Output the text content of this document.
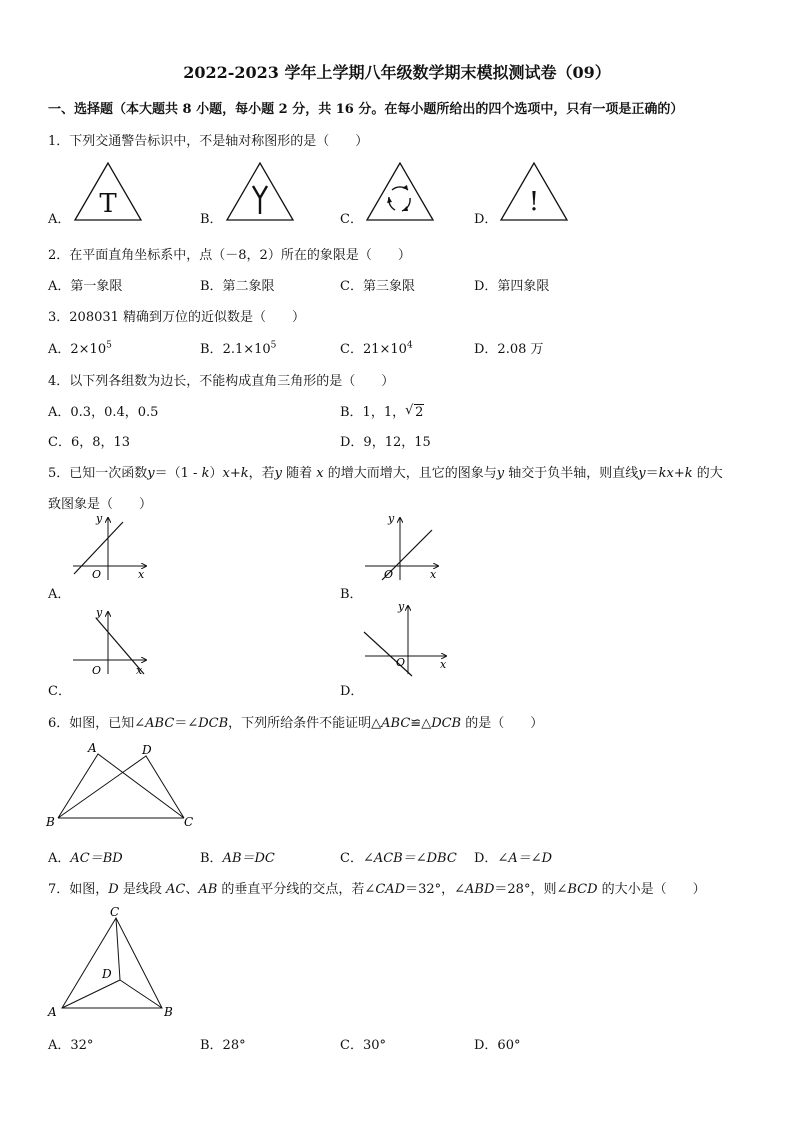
2022-2023 学年上学期八年级数学期末模拟测试卷（09）
一、选择题（本大题共 8 小题，每小题 2 分，共 16 分。在每小题所给出的四个选项中，只有一项是正确的）
1．下列交通警告标识中，不是轴对称图形的是（　　）
A．
T
B．	C．	D．
!
2．在平面直角坐标系中，点（－8，2）所在的象限是（　　）
A．第一象限	B．第二象限	C．第三象限	D．第四象限
3．208031 精确到万位的近似数是（　　）
A．$2\times 10^5$	B．$2.1\times 10^5$	C．$21\times 10^4$	D．2.08 万
4．以下列各组数为边长，不能构成直角三角形的是（　　）
A．0.3，0.4，0.5	B．1，1， √ 2
C．6，8，13	D．9，12，15
5．已知一次函数y＝（1 - k）x+k，若y 随着 x 的增大而增大，且它的图象与y 轴交于负半轴，则直线y＝kx+k 的大
致图象是（　　）
y
x
O
A．
y
x
O
B．
y
x
O
C．
y
x
O
D．
6．如图，已知∠ABC＝∠DCB，下列所给条件不能证明△ABC≌△DCB 的是（　　）
A	D
B	C
A．AC＝BD	B．AB＝DC	C．∠ACB＝∠DBC D．∠A＝∠D
7．如图，D 是线段 AC、AB 的垂直平分线的交点，若∠CAD＝32°，∠ABD＝28°，则∠BCD 的大小是（　　）
C
D
A	B
A．32°	B．28°	C．30°	D．60°
